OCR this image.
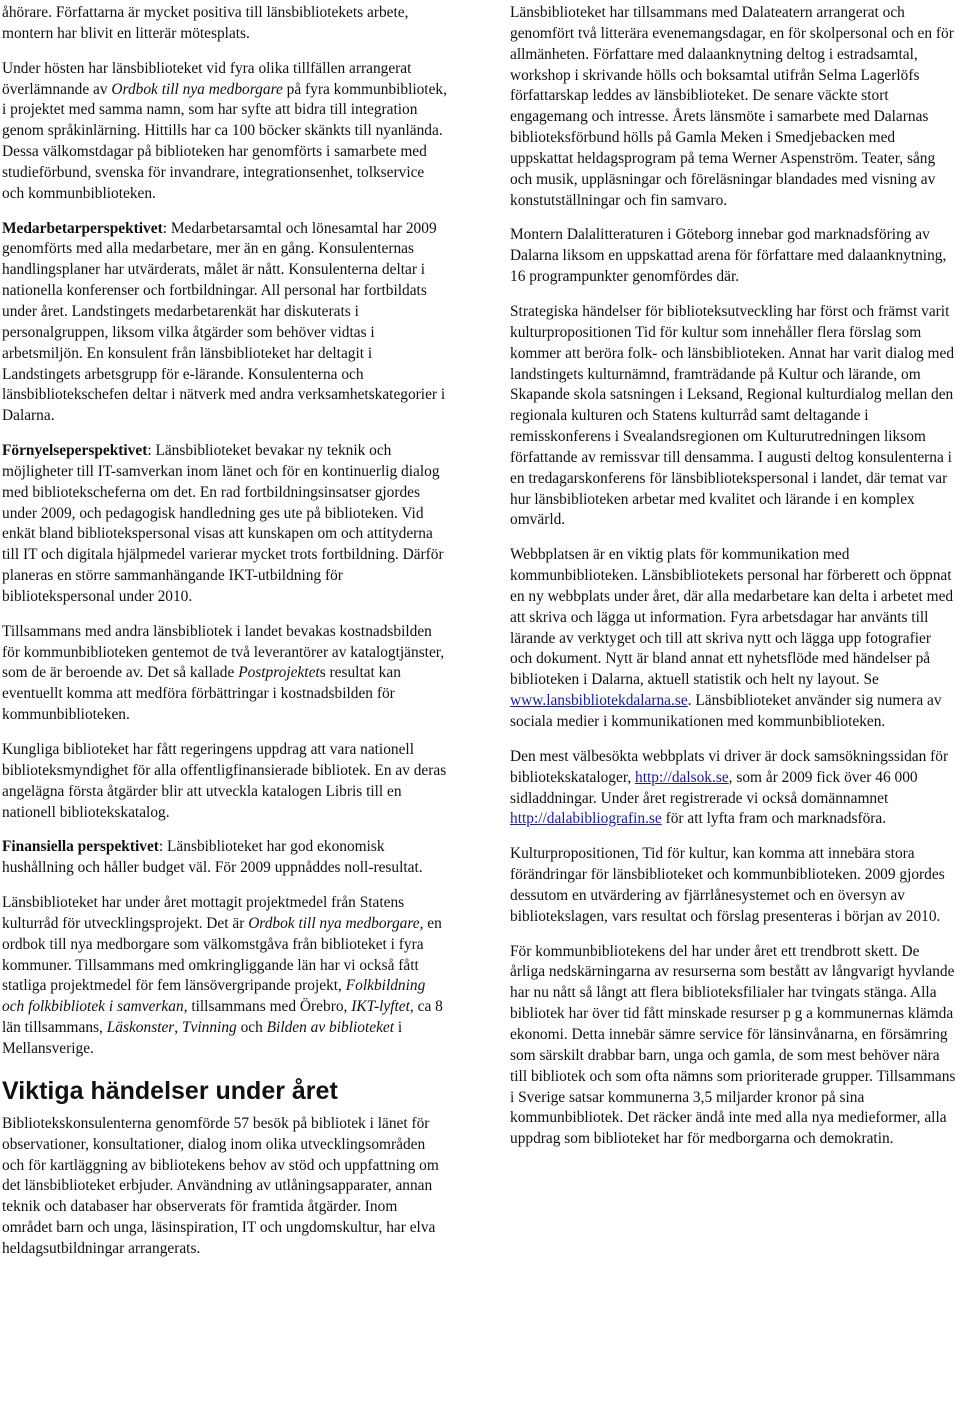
åhörare. Författarna är mycket positiva till länsbibliotekets arbete, montern har blivit en litterär mötesplats.

Under hösten har länsbiblioteket vid fyra olika tillfällen arrangerat överlämnande av Ordbok till nya medborgare på fyra kommunbibliotek, i projektet med samma namn, som har syfte att bidra till integration genom språkinlärning. Hittills har ca 100 böcker skänkts till nyanlända. Dessa välkomstdagar på biblioteken har genomförts i samarbete med studieförbund, svenska för invandrare, integrationsenhet, tolkservice och kommunbiblioteken.

Medarbetarperspektivet: Medarbetarsamtal och lönesamtal har 2009 genomförts med alla medarbetare, mer än en gång. Konsulenternas handlingsplaner har utvärderats, målet är nått. Konsulenterna deltar i nationella konferenser och fortbildningar. All personal har fortbildats under året. Landstingets medarbetarenkät har diskuterats i personalgruppen, liksom vilka åtgärder som behöver vidtas i arbetsmiljön. En konsulent från länsbiblioteket har deltagit i Landstingets arbetsgrupp för e-lärande. Konsulenterna och länsbibliotekschefen deltar i nätverk med andra verksamhetskategorier i Dalarna.

Förnyelseperspektivet: Länsbiblioteket bevakar ny teknik och möjligheter till IT-samverkan inom länet och för en kontinuerlig dialog med bibliotekscheferna om det. En rad fortbildningsinsatser gjordes under 2009, och pedagogisk handledning ges ute på biblioteken. Vid enkät bland bibliotekspersonal visas att kunskapen om och attityderna till IT och digitala hjälpmedel varierar mycket trots fortbildning. Därför planeras en större sammanhängande IKT-utbildning för bibliotekspersonal under 2010.

Tillsammans med andra länsbibliotek i landet bevakas kostnadsbilden för kommunbiblioteken gentemot de två leverantörer av katalogtjänster, som de är beroende av. Det så kallade Postprojektets resultat kan eventuellt komma att medföra förbättringar i kostnadsbilden för kommunbiblioteken.

Kungliga biblioteket har fått regeringens uppdrag att vara nationell biblioteksmyndighet för alla offentligfinansierade bibliotek. En av deras angelägna första åtgärder blir att utveckla katalogen Libris till en nationell bibliotekskatalog.

Finansiella perspektivet: Länsbiblioteket har god ekonomisk hushållning och håller budget väl. För 2009 uppnåddes noll-resultat.

Länsbiblioteket har under året mottagit projektmedel från Statens kulturråd för utvecklingsprojekt. Det är Ordbok till nya medborgare, en ordbok till nya medborgare som välkomstgåva från biblioteket i fyra kommuner. Tillsammans med omkringliggande län har vi också fått statliga projektmedel för fem länsövergripande projekt, Folkbildning och folkbibliotek i samverkan, tillsammans med Örebro, IKT-lyftet, ca 8 län tillsammans, Läskonster, Tvinning och Bilden av biblioteket i Mellansverige.

Viktiga händelser under året

Bibliotekskonsulenterna genomförde 57 besök på bibliotek i länet för observationer, konsultationer, dialog inom olika utvecklingsområden och för kartläggning av bibliotekens behov av stöd och uppfattning om det länsbiblioteket erbjuder. Användning av utlåningsapparater, annan teknik och databaser har observerats för framtida åtgärder. Inom området barn och unga, läsinspiration, IT och ungdomskultur, har elva heldagsutbildningar arrangerats.

Länsbiblioteket har tillsammans med Dalateatern arrangerat och genomfört två litterära evenemangsdagar, en för skolpersonal och en för allmänheten. Författare med dalaanknytning deltog i estradsamtal, workshop i skrivande hölls och boksamtal utifrån Selma Lagerlöfs författarskap leddes av länsbiblioteket. De senare väckte stort engagemang och intresse. Årets länsmöte i samarbete med Dalarnas biblioteksförbund hölls på Gamla Meken i Smedjebacken med uppskattat heldagsprogram på tema Werner Aspenström. Teater, sång och musik, uppläsningar och föreläsningar blandades med visning av konstutställningar och fin samvaro.

Montern Dalalitteraturen i Göteborg innebar god marknadsföring av Dalarna liksom en uppskattad arena för författare med dalaanknytning, 16 programpunkter genomfördes där.

Strategiska händelser för biblioteksutveckling har först och främst varit kulturpropositionen Tid för kultur som innehåller flera förslag som kommer att beröra folk- och länsbiblioteken. Annat har varit dialog med landstingets kulturnämnd, framträdande på Kultur och lärande, om Skapande skola satsningen i Leksand, Regional kulturdialog mellan den regionala kulturen och Statens kulturråd samt deltagande i remisskonferens i Svealandsregionen om Kulturutredningen liksom författande av remissvar till densamma. I augusti deltog konsulenterna i en tredagarskonferens för länsbibliotekspersonal i landet, där temat var hur länsbiblioteken arbetar med kvalitet och lärande i en komplex omvärld.

Webbplatsen är en viktig plats för kommunikation med kommunbiblioteken. Länsbibliotekets personal har förberett och öppnat en ny webbplats under året, där alla medarbetare kan delta i arbetet med att skriva och lägga ut information. Fyra arbetsdagar har använts till lärande av verktyget och till att skriva nytt och lägga upp fotografier och dokument. Nytt är bland annat ett nyhetsflöde med händelser på biblioteken i Dalarna, aktuell statistik och helt ny layout. Se www.lansbibliotekdalarna.se. Länsbiblioteket använder sig numera av sociala medier i kommunikationen med kommunbiblioteken.

Den mest välbesökta webbplats vi driver är dock samsökningssidan för bibliotekskataloger, http://dalsok.se, som år 2009 fick över 46 000 sidladdningar. Under året registrerade vi också domännamnet http://dalabibliografin.se för att lyfta fram och marknadsföra.

Kulturpropositionen, Tid för kultur, kan komma att innebära stora förändringar för länsbiblioteket och kommunbiblioteken. 2009 gjordes dessutom en utvärdering av fjärrlånesystemet och en översyn av bibliotekslagen, vars resultat och förslag presenteras i början av 2010.

För kommunbibliotekens del har under året ett trendbrott skett. De årliga nedskärningarna av resurserna som bestått av långvarigt hyvlande har nu nått så långt att flera biblioteksfilialer har tvingats stänga. Alla bibliotek har över tid fått minskade resurser p g a kommunernas klämda ekonomi. Detta innebär sämre service för länsinvånarna, en försämring som särskilt drabbar barn, unga och gamla, de som mest behöver nära till bibliotek och som ofta nämns som prioriterade grupper. Tillsammans i Sverige satsar kommunerna 3,5 miljarder kronor på sina kommunbibliotek. Det räcker ändå inte med alla nya medieformer, alla uppdrag som biblioteket har för medborgarna och demokratin.
